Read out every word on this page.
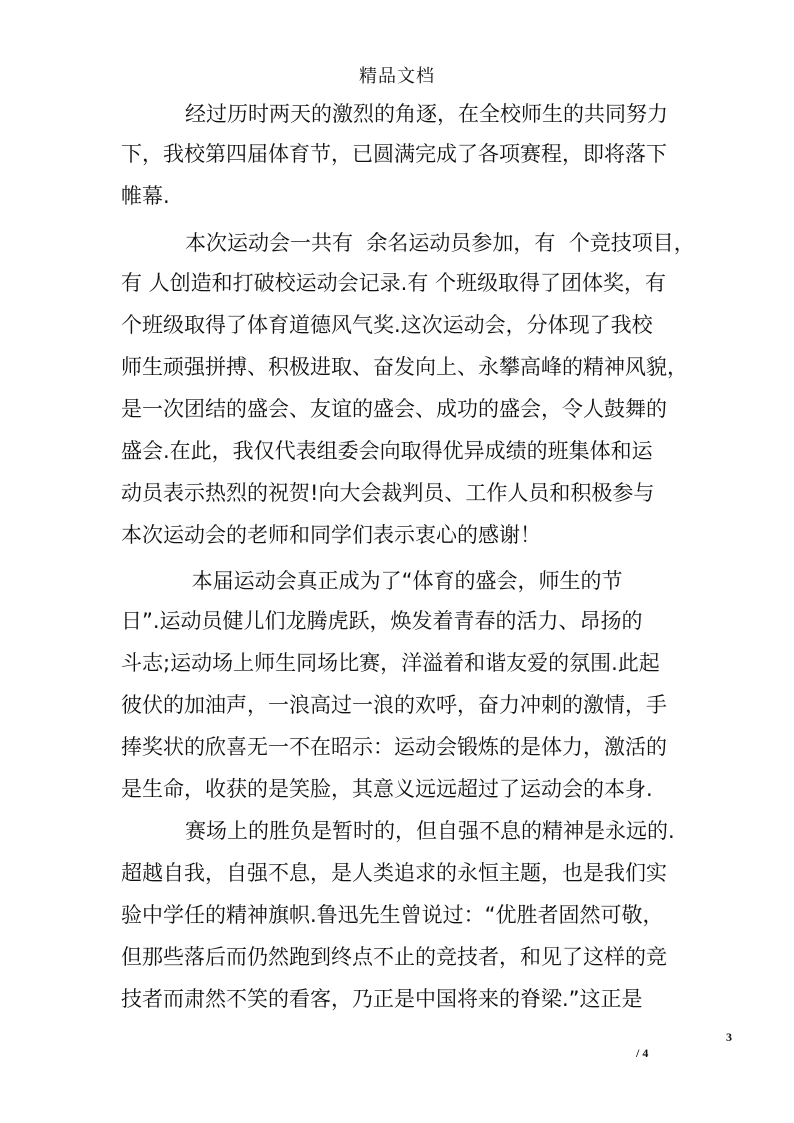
精品文档
经过历时两天的激烈的角逐，在全校师生的共同努力
下，我校第四届体育节，已圆满完成了各项赛程，即将落下
帷幕.
本次运动会一共有  余名运动员参加，有  个竞技项目，
有 人创造和打破校运动会记录.有 个班级取得了团体奖，有
个班级取得了体育道德风气奖.这次运动会，分体现了我校
师生顽强拼搏、积极进取、奋发向上、永攀高峰的精神风貌，
是一次团结的盛会、友谊的盛会、成功的盛会，令人鼓舞的
盛会.在此，我仅代表组委会向取得优异成绩的班集体和运
动员表示热烈的祝贺!向大会裁判员、工作人员和积极参与
本次运动会的老师和同学们表示衷心的感谢！
本届运动会真正成为了“体育的盛会，师生的节
日”.运动员健儿们龙腾虎跃，焕发着青春的活力、昂扬的
斗志;运动场上师生同场比赛，洋溢着和谐友爱的氛围.此起
彼伏的加油声，一浪高过一浪的欢呼，奋力冲刺的激情，手
捧奖状的欣喜无一不在昭示：运动会锻炼的是体力，激活的
是生命，收获的是笑脸，其意义远远超过了运动会的本身.
赛场上的胜负是暂时的，但自强不息的精神是永远的.
超越自我，自强不息，是人类追求的永恒主题，也是我们实
验中学任的精神旗帜.鲁迅先生曾说过：“优胜者固然可敬，
但那些落后而仍然跑到终点不止的竞技者，和见了这样的竞
技者而肃然不笑的看客，乃正是中国将来的脊梁.”这正是
3
/ 4
